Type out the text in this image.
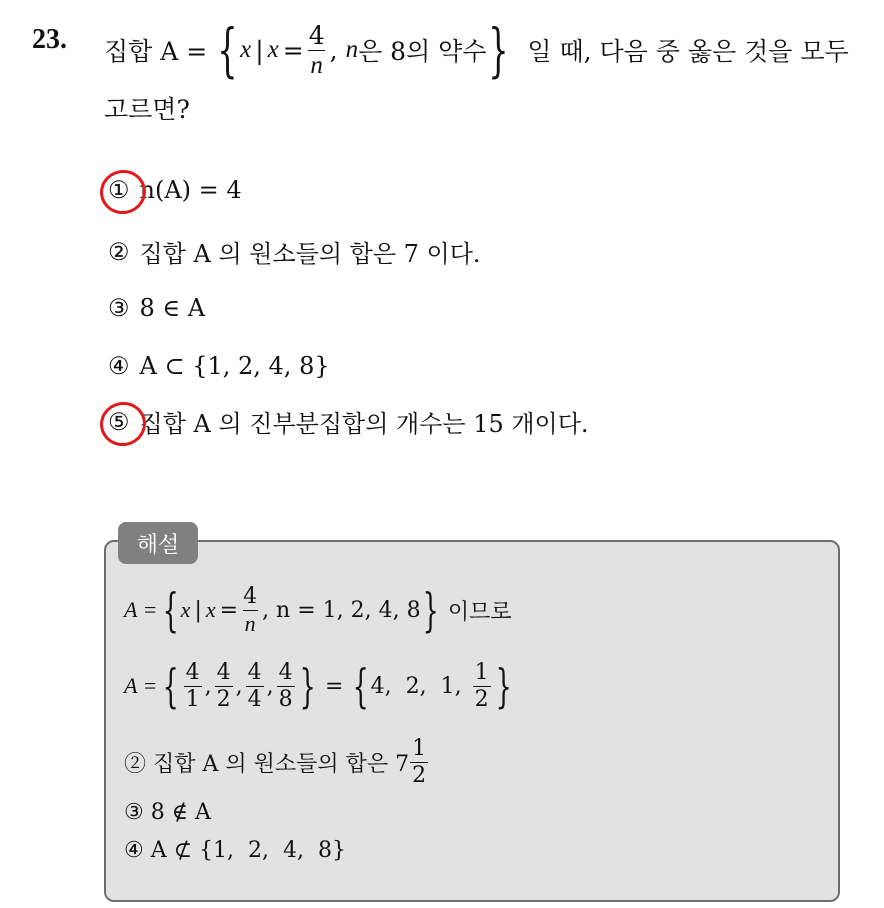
23. 집합 A = { x | $x = \frac{4}{n}$ , n 은 8의 약수 } 일 때, 다음 중 옳은 것을 모두
고르면?
① n(A) = 4
② 집합 A 의 원소들의 합은 7 이다.
③ 8 ∈ A
④ A ⊂ {1, 2, 4, 8}
⑤ 집합 A 의 진부분집합의 개수는 15 개이다.
해설
A = { x | $x = \frac{4}{n}$ , n = 1, 2, 4, 8 } 이므로
A = { $\frac{4}{1}$ , $\frac{4}{2}$ , $\frac{4}{4}$ , $\frac{4}{8}$ } = { 4,  2,  1, $\frac{1}{2}$ }
② 집합 A 의 원소들의 합은 $7 \frac{1}{2}$
③ 8 ∉ A
④ A ⊄ {1,  2,  4,  8}
